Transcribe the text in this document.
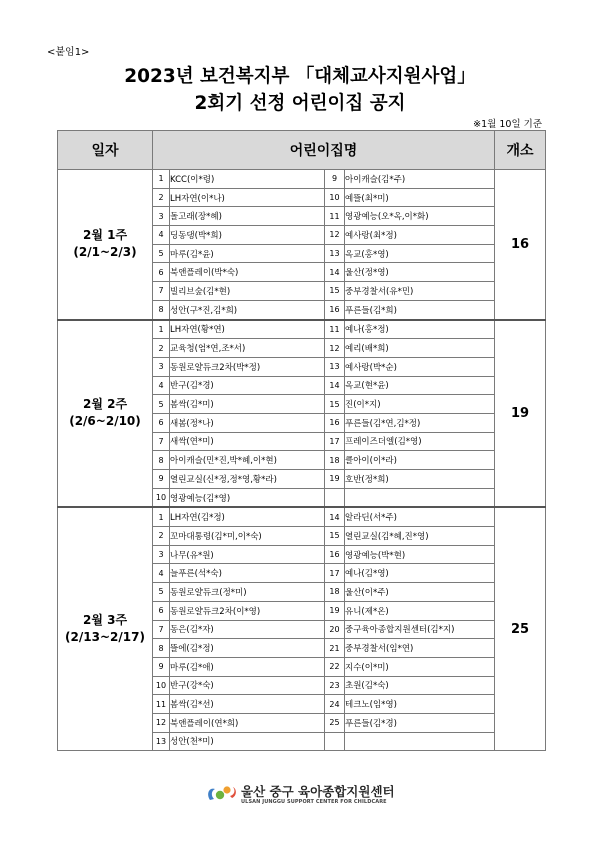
<붙임1>
2023년 보건복지부 「대체교사지원사업」
2회기 선정 어린이집 공지
※1월 10일 기준
일자	어린이집명				개소

2월 1주
(2/1~2/3)	1	KCC(이*령)	9	아이캐슬(김*주)	16
	2	LH자연(이*나)	10	예뜰(최*미)	
	3	돌고래(장*혜)	11	영광예능(오*옥,이*화)	
	4	딩동댕(박*희)	12	예사랑(최*정)	
	5	마루(김*윤)	13	옥교(홍*영)	
	6	북앤플레이(박*숙)	14	울산(정*영)	
	7	빌리브숲(김*현)	15	중부경찰서(유*민)	
	8	성안(구*진,김*희)	16	푸른들(김*희)	

2월 2주
(2/6~2/10)	1	LH자연(황*연)	11	예나(홍*정)	19
	2	교육청(엄*연,조*서)	12	예리(배*희)	
	3	동원로얄듀크2차(박*정)	13	예사랑(박*순)	
	4	반구(김*경)	14	옥교(현*윤)	
	5	봄싹(김*미)	15	진(이*지)	
	6	새봄(정*나)	16	푸른들(김*연,김*정)	
	7	새싹(연*미)	17	프레이즈더엘(김*영)	
	8	아이캐슬(민*진,박*혜,이*현)	18	클아이(이*라)	
	9	열린교실(신*정,정*영,황*라)	19	호반(정*희)	
	10	영광예능(김*영)			

2월 3주
(2/13~2/17)	1	LH자연(김*정)	14	알라딘(서*주)	25
	2	꼬마대통령(김*미,이*숙)	15	열린교실(김*혜,진*영)	
	3	나무(유*원)	16	영광예능(박*현)	
	4	늘푸른(석*숙)	17	예나(김*영)	
	5	동원로얄듀크(정*미)	18	울산(이*주)	
	6	동원로얄듀크2차(이*영)	19	유니(제*온)	
	7	동은(김*자)	20	중구육아종합지원센터(김*지)	
	8	뜰에(김*정)	21	중부경찰서(임*연)	
	9	마루(김*애)	22	지수(이*미)	
	10	반구(강*숙)	23	초원(김*숙)	
	11	봄싹(김*선)	24	테크노(임*영)	
	12	북앤플레이(연*희)	25	푸른들(김*경)	
	13	성안(천*미)			
울산 중구 육아종합지원센터
ULSAN JUNGGU SUPPORT CENTER FOR CHILDCARE
